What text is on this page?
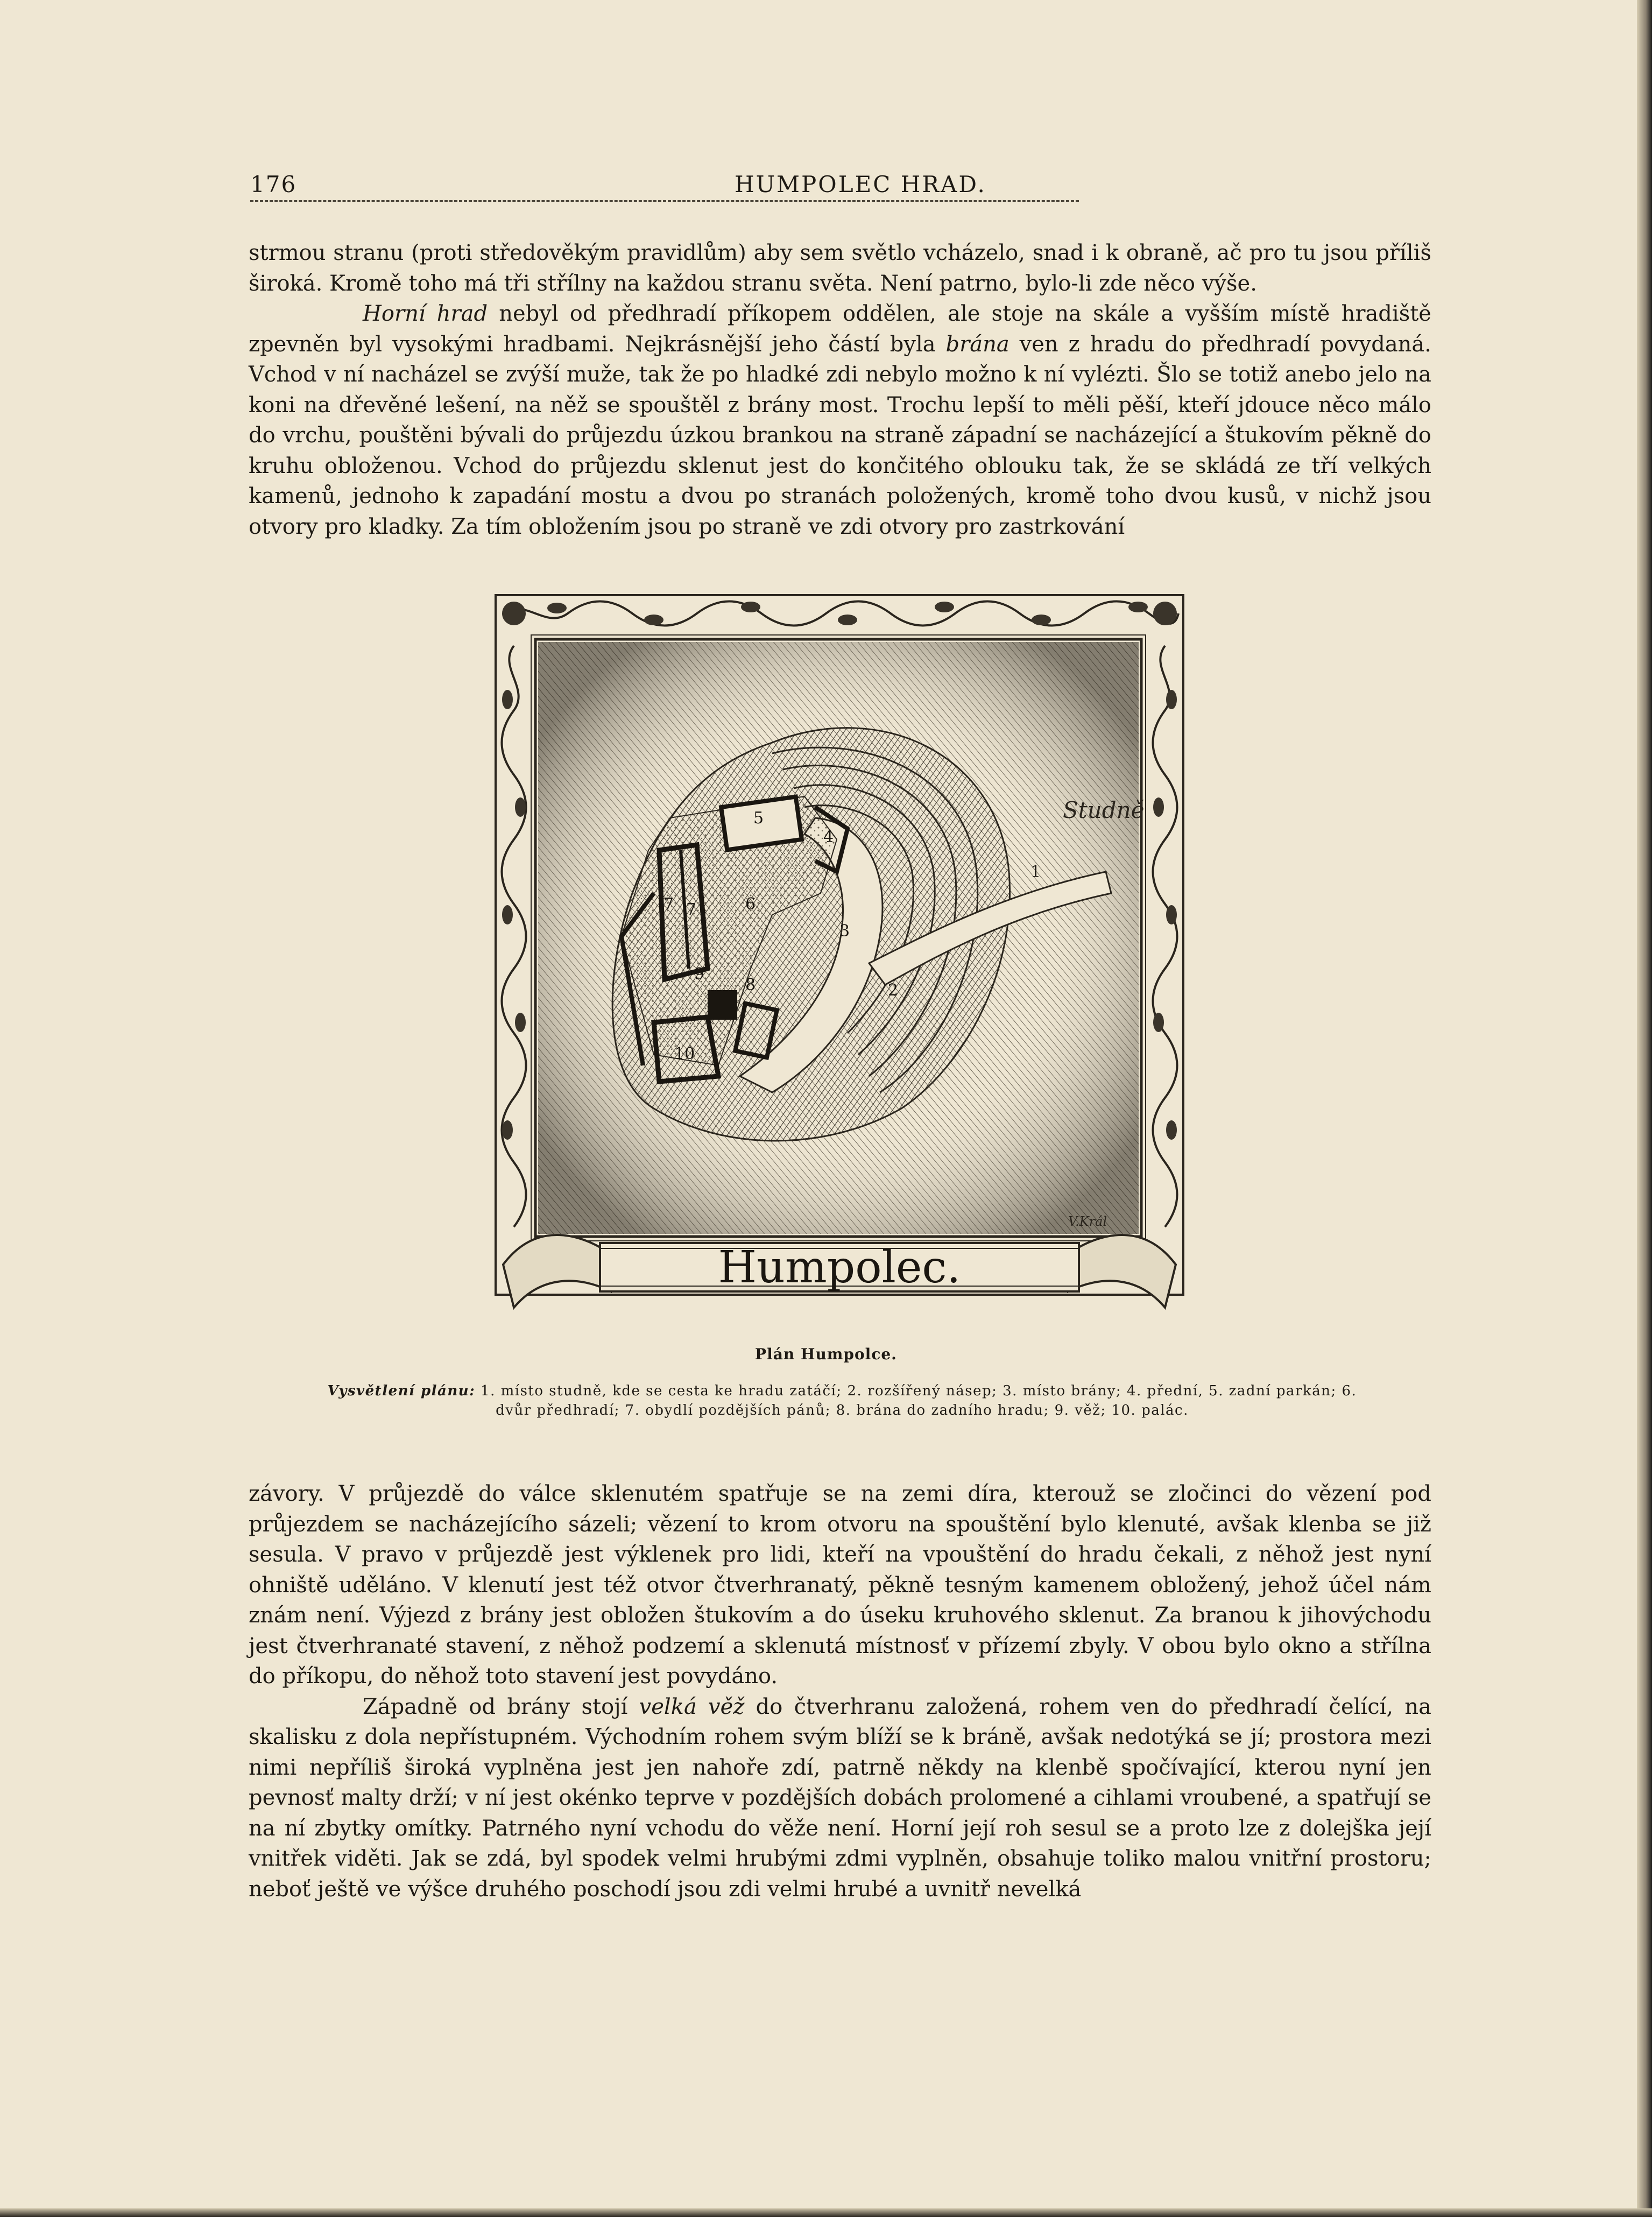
176	HUMPOLEC HRAD.

strmou stranu (proti středověkým pravidlům) aby sem světlo vcházelo, snad i k obraně, ač pro tu jsou příliš široká. Kromě toho má tři střílny na každou stranu světa. Není patrno, bylo-li zde něco výše.

Horní hrad nebyl od předhradí příkopem oddělen, ale stoje na skále a vyšším místě hradiště zpevněn byl vysokými hradbami. Nejkrásnější jeho částí byla brána ven z hradu do předhradí povydaná. Vchod v ní nacházel se zvýší muže, tak že po hladké zdi nebylo možno k ní vylézti. Šlo se totiž anebo jelo na koni na dřevěné lešení, na něž se spouštěl z brány most. Trochu lepší to měli pěší, kteří jdouce něco málo do vrchu, pouštěni bývali do průjezdu úzkou brankou na straně západní se nacházející a štukovím pěkně do kruhu obloženou. Vchod do průjezdu sklenut jest do končitého oblouku tak, že se skládá ze tří velkých kamenů, jednoho k zapadání mostu a dvou po stranách položených, kromě toho dvou kusů, v nichž jsou otvory pro kladky. Za tím obložením jsou po straně ve zdi otvory pro zastrkování

1
2
3
4
5
6
7 7
8
9
10
Studně
V.Král
Humpolec.
Plán Humpolce.
Vysvětlení plánu: 1. místo studně, kde se cesta ke hradu zatáčí; 2. rozšířený násep; 3. místo brány; 4. přední, 5. zadní parkán; 6. dvůr předhradí; 7. obydlí pozdějších pánů; 8. brána do zadního hradu; 9. věž; 10. palác.

závory. V průjezdě do válce sklenutém spatřuje se na zemi díra, kterouž se zločinci do vězení pod průjezdem se nacházejícího sázeli; vězení to krom otvoru na spouštění bylo klenuté, avšak klenba se již sesula. V pravo v průjezdě jest výklenek pro lidi, kteří na vpouštění do hradu čekali, z něhož jest nyní ohniště uděláno. V klenutí jest též otvor čtverhranatý, pěkně tesným kamenem obložený, jehož účel nám znám není. Výjezd z brány jest obložen štukovím a do úseku kruhového sklenut. Za branou k jihovýchodu jest čtverhranaté stavení, z něhož podzemí a sklenutá místnosť v přízemí zbyly. V obou bylo okno a střílna do příkopu, do něhož toto stavení jest povydáno.

Západně od brány stojí velká věž do čtverhranu založená, rohem ven do předhradí čelící, na skalisku z dola nepřístupném. Východním rohem svým blíží se k bráně, avšak nedotýká se jí; prostora mezi nimi nepříliš široká vyplněna jest jen nahoře zdí, patrně někdy na klenbě spočívající, kterou nyní jen pevnosť malty drží; v ní jest okénko teprve v pozdějších dobách prolomené a cihlami vroubené, a spatřují se na ní zbytky omítky. Patrného nyní vchodu do věže není. Horní její roh sesul se a proto lze z dolejška její vnitřek viděti. Jak se zdá, byl spodek velmi hrubými zdmi vyplněn, obsahuje toliko malou vnitřní prostoru; neboť ještě ve výšce druhého poschodí jsou zdi velmi hrubé a uvnitř nevelká
